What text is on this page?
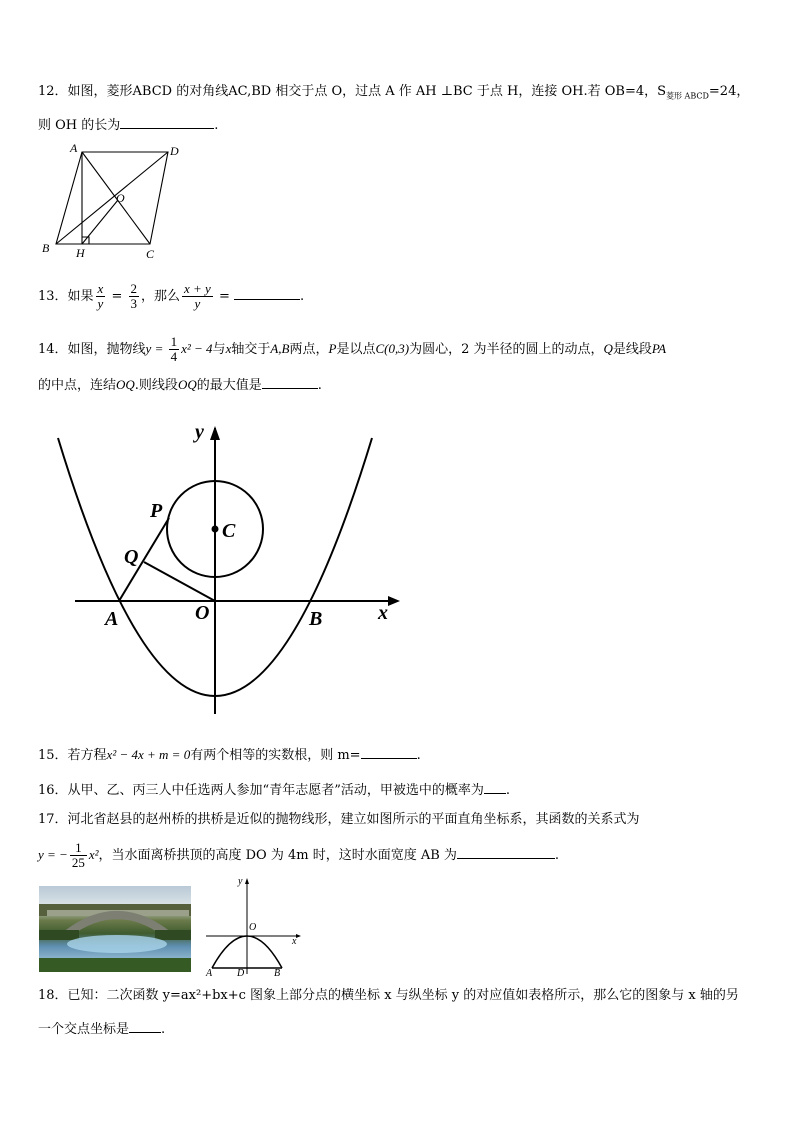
12．如图，菱形ABCD 的对角线AC,BD 相交于点 O，过点 A 作 AH ⊥BC 于点 H，连接 OH.若 OB=4，$S_{菱形 ABCD}=24$，
则 OH 的长为	.
A	D
O
B H	C
13．如果 $\frac{x}{y} = \frac{2}{3}$ ，那么 $\frac{x + y}{y}$ =	.
14．如图，抛物线$y = \frac{1}{4} x^2 - 4$与x轴交于A,B两点，P是以点C(0,3)为圆心，2 为半径的圆上的动点，Q是线段PA
的中点，连结OQ.则线段OQ的最大值是	.
y
x
P
C
Q
A	O	B
15．若方程x² − 4x + m = 0有两个相等的实数根，则 m=	.
16．从甲、乙、丙三人中任选两人参加“青年志愿者”活动，甲被选中的概率为 .
17．河北省赵县的赵州桥的拱桥是近似的抛物线形，建立如图所示的平面直角坐标系，其函数的关系式为
y = − $\frac{1}{25} x^2$，当水面离桥拱顶的高度 DO 为 4m 时，这时水面宽度 AB 为	.
y
O
x
A D	B
18．已知：二次函数 y=ax²+bx+c 图象上部分点的横坐标 x 与纵坐标 y 的对应值如表格所示，那么它的图象与 x 轴的另
一个交点坐标是 .
